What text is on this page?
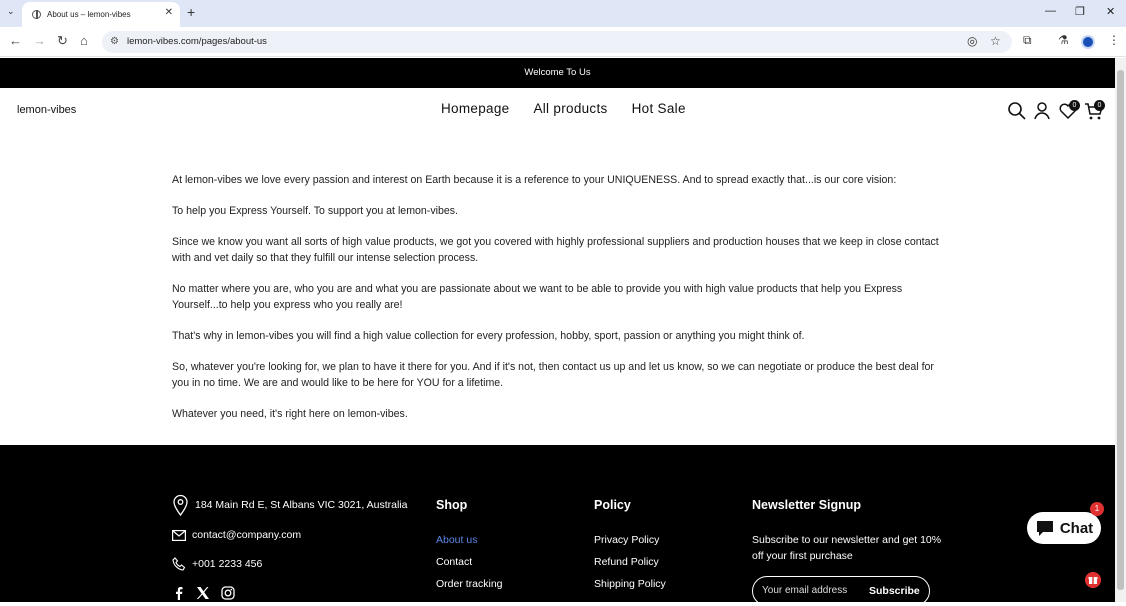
⌄	About us – lemon-vibes	✕ +	— ❐ ✕
← → ↻ ⌂ ⚙ lemon-vibes.com/pages/about-us	◎ ☆ ⧉ ⚗	⋮
Welcome To Us
lemon-vibes	Homepage All products Hot Sale	0	0

At lemon-vibes we love every passion and interest on Earth because it is a reference to your UNIQUENESS. And to spread exactly that...is our core vision:

To help you Express Yourself. To support you at lemon-vibes.

Since we know you want all sorts of high value products, we got you covered with highly professional suppliers and production houses that we keep in close contact with and vet daily so that they fulfill our intense selection process.

No matter where you are, who you are and what you are passionate about we want to be able to provide you with high value products that help you Express Yourself...to help you express who you really are!

That's why in lemon-vibes you will find a high value collection for every profession, hobby, sport, passion or anything you might think of.

So, whatever you're looking for, we plan to have it there for you. And if it's not, then contact us up and let us know, so we can negotiate or produce the best deal for you in no time. We are and would like to be here for YOU for a lifetime.

Whatever you need, it's right here on lemon-vibes.

184 Main Rd E, St Albans VIC 3021, Australia
contact@company.com
+001 2233 456
Shop
About us
Contact
Order tracking
Policy
Privacy Policy
Refund Policy
Shipping Policy
Newsletter Signup
Subscribe to our newsletter and get 10% off your first purchase
Your email address Subscribe
Chat
1
